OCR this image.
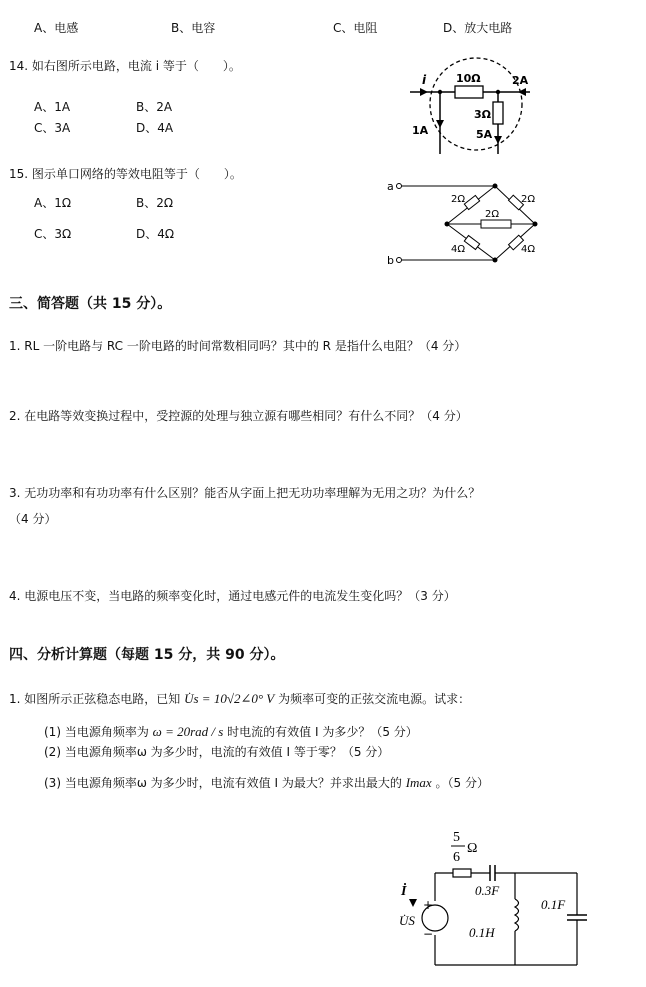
A、电感	B、电容	C、电阻	D、放大电路
14. 如右图所示电路，电流 i 等于（　　）。
A、1A	B、2A
C、3A	D、4A
i	10Ω	2A
3Ω
1A	5A
15. 图示单口网络的等效电阻等于（　　）。
A、1Ω	B、2Ω
C、3Ω	D、4Ω
a
b
2Ω	2Ω
2Ω
4Ω	4Ω
三、简答题（共 15 分）。
1. RL 一阶电路与 RC 一阶电路的时间常数相同吗？其中的 R 是指什么电阻？（4 分）
2. 在电路等效变换过程中，受控源的处理与独立源有哪些相同？有什么不同？（4 分）
3. 无功功率和有功功率有什么区别？能否从字面上把无功功率理解为无用之功？为什么？
（4 分）
4. 电源电压不变，当电路的频率变化时，通过电感元件的电流发生变化吗？（3 分）
四、分析计算题（每题 15 分，共 90 分）。
1. 如图所示正弦稳态电路，已知 U̇s = 10√2∠0° V 为频率可变的正弦交流电源。试求：
(1) 当电源角频率为 ω = 20rad / s 时电流的有效值 I 为多少？（5 分）
(2) 当电源角频率ω 为多少时，电流的有效值 I 等于零？（5 分）
(3) 当电源角频率ω 为多少时，电流有效值 I 为最大？并求出最大的 Imax 。（5 分）
5
6
Ω
0.3F
+
−
İ
U̇S
0.1H
0.1F
